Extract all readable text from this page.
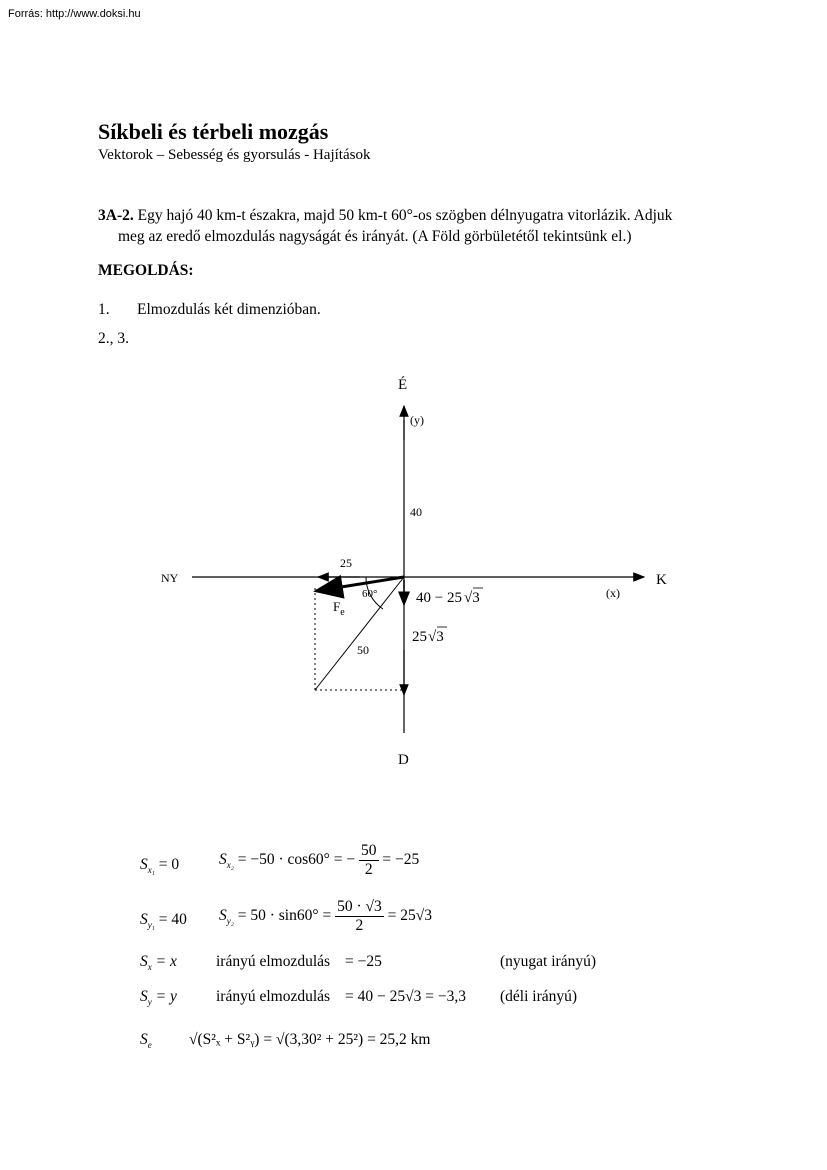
Forrás: http://www.doksi.hu
Síkbeli és térbeli mozgás
Vektorok – Sebesség és gyorsulás - Hajítások
3A-2. Egy hajó 40 km-t északra, majd 50 km-t 60°-os szögben délnyugatra vitorlázik. Adjuk
meg az eredő elmozdulás nagyságát és irányát. (A Föld görbületétől tekintsünk el.)
MEGOLDÁS:
1. Elmozdulás két dimenzióban.
2., 3.
É
(y)
40
25
NY	K
(x)
60°
$F_e$
50
40 − 25 √3
25√3
D
$S_{x_1} = 0$	$S_{x_2} = -50 \cdot \cos 60^\circ$ = − $\frac{50}{2} = -25$
$S_{y_1} = 40$ $S_{y_2} = 50 \cdot \sin 60^\circ = \frac{50 \cdot √3}{2} = 25√3$
$S_x = x$	irányú elmozdulás = −25	(nyugat irányú)
$S_y = y$	irányú elmozdulás = 40 − 25√3 = −3,3 (déli irányú)
$S_e$ √(S²ₓ + S²ᵧ) = √(3,30² + 25²) = 25,2 km
